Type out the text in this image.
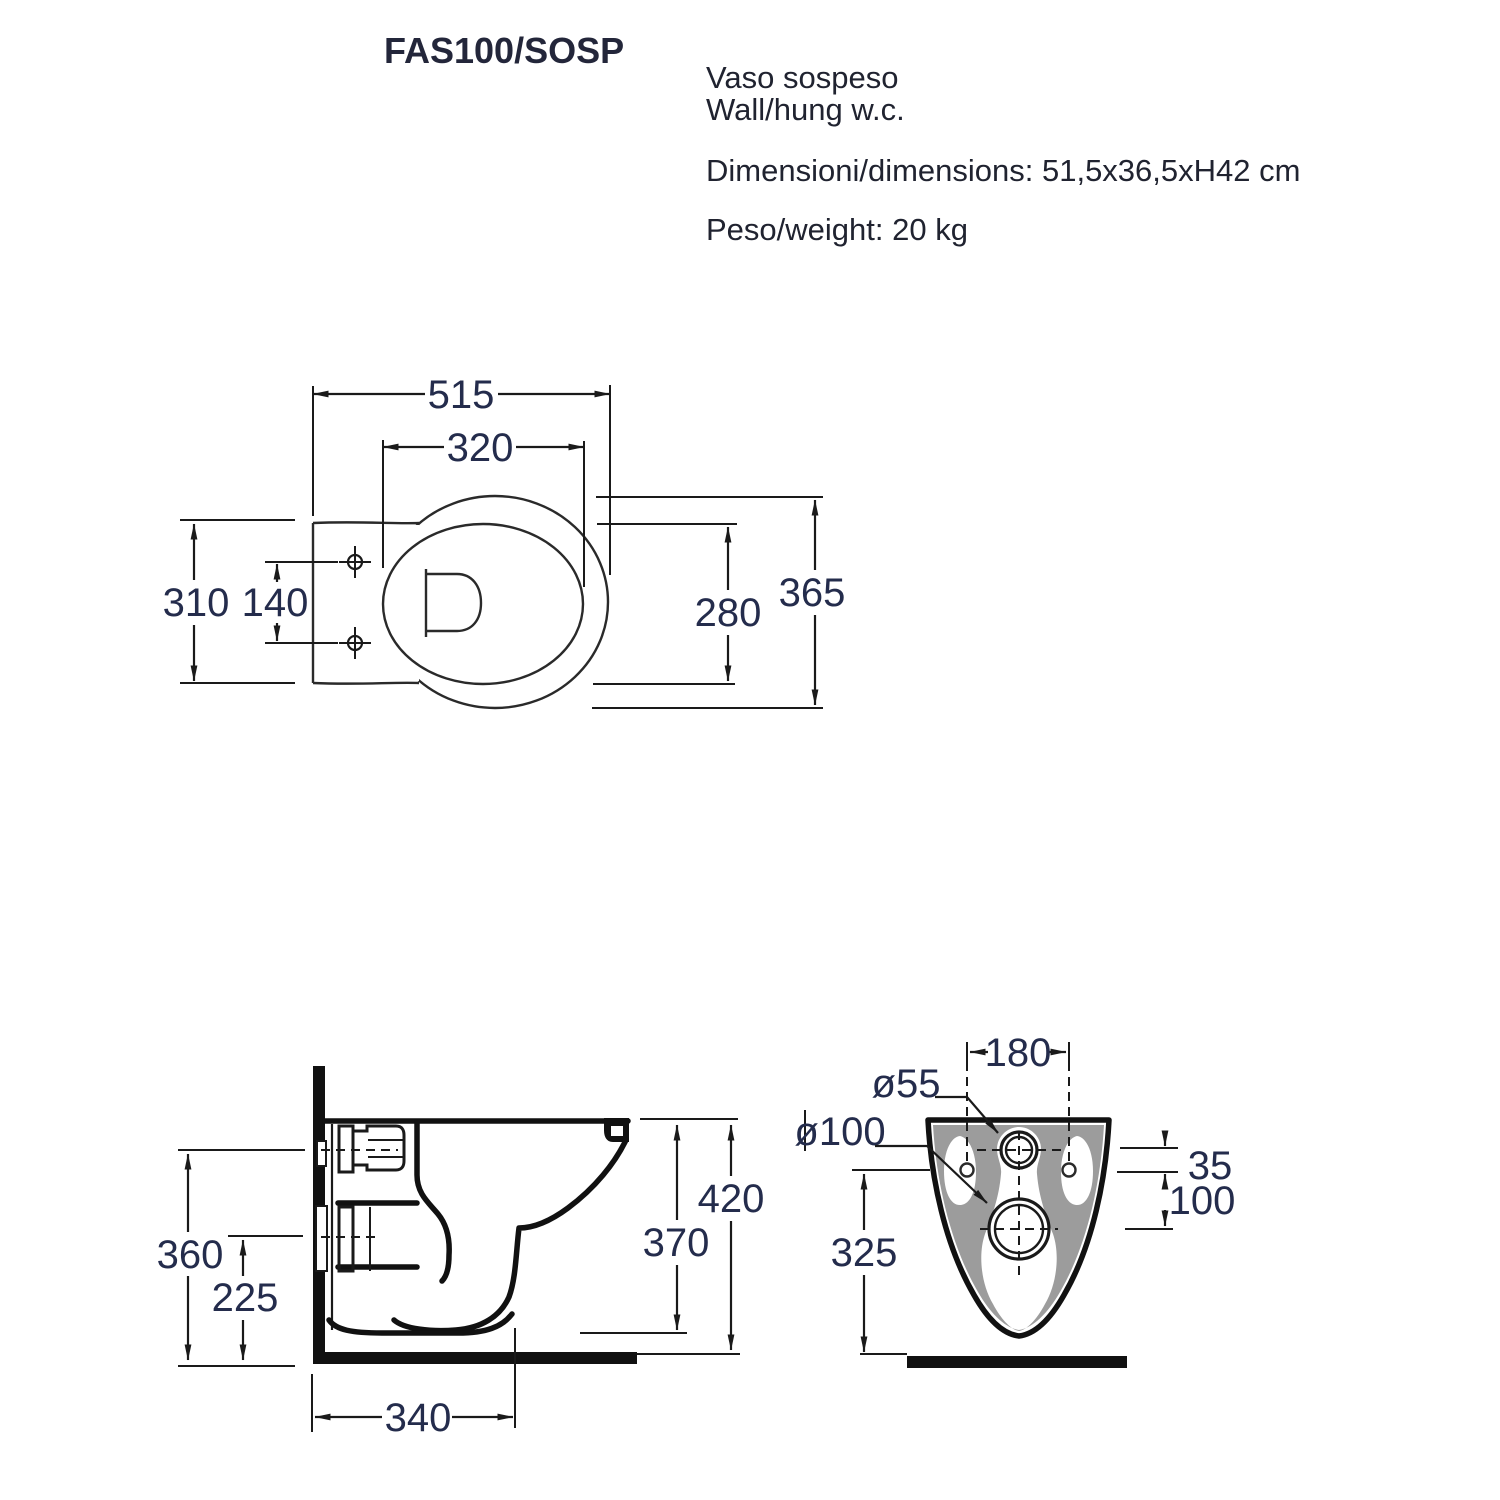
FAS100/SOSP
Vaso sospeso
Wall/hung w.c.
Dimensioni/dimensions: 51,5x36,5xH42 cm
Peso/weight: 20 kg
515
320
310 140	280 365
360
225
340
370
420
180
ø55
ø100
35
100
325
